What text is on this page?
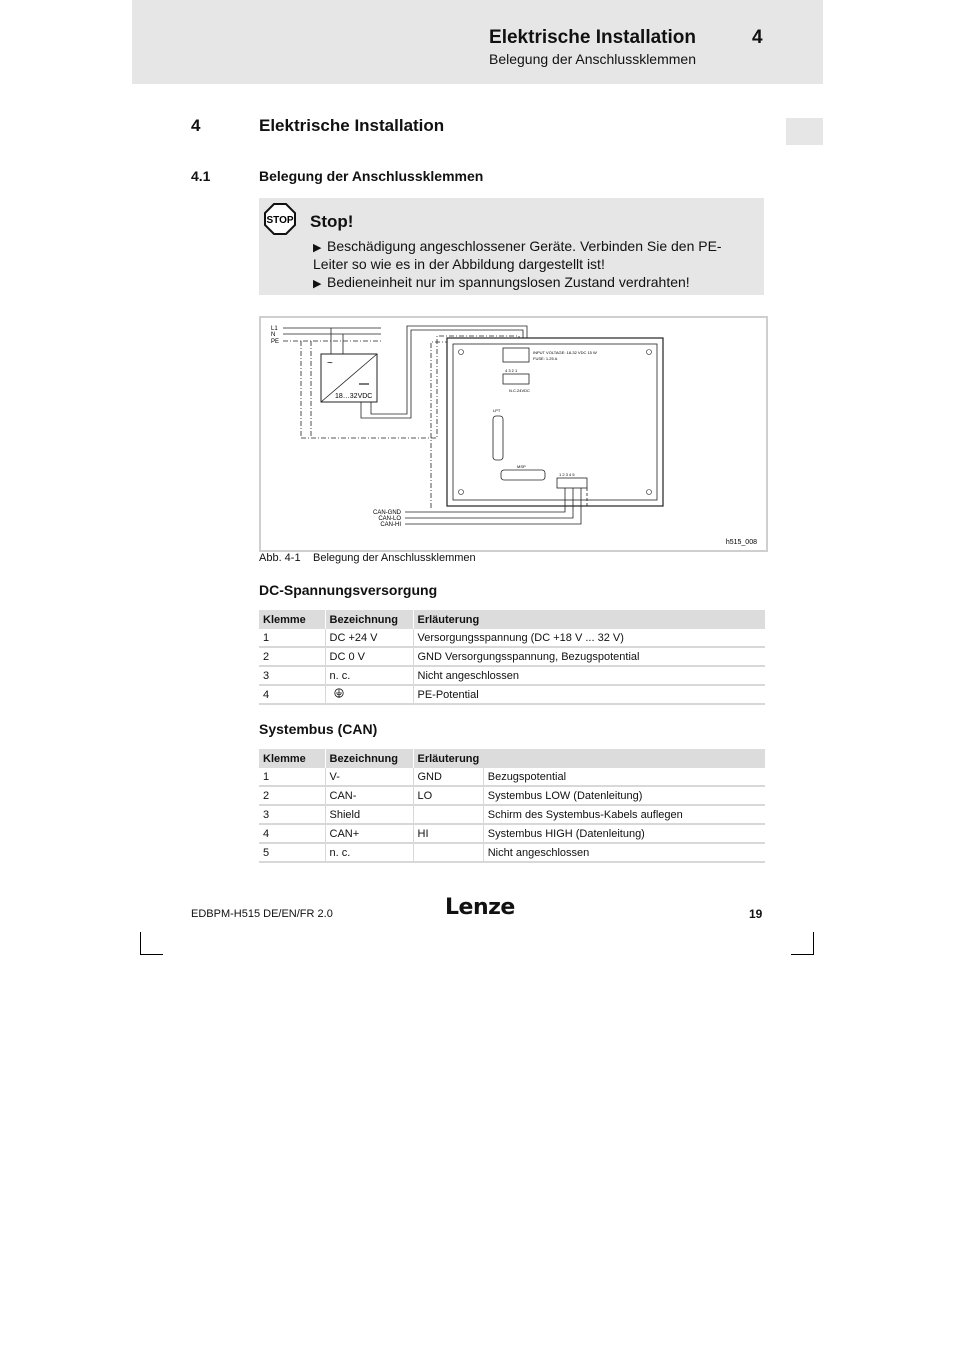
Elektrische Installation	4
Belegung der Anschlussklemmen
4	Elektrische Installation
4.1	Belegung der Anschlussklemmen
STOP Stop!
▶ Beschädigung angeschlossener Geräte. Verbinden Sie den PE-Leiter so wie es in der Abbildung dargestellt ist!
▶ Bedieneinheit nur im spannungslosen Zustand verdrahten!
L1
N
PE
~
18…32VDC
INPUT VOLTAGE: 18-32 VDC 15 W
FUSE: 1.25 A
4 3 2 1
N.C.24VDC
LPT
MSP
1 2 3 4 5
CAN-GND
CAN-LO
CAN-HI
h515_008
Abb. 4-1 Belegung der Anschlussklemmen
DC-Spannungsversorgung
Klemme	Bezeichnung	Erläuterung
1	DC +24 V	Versorgungsspannung (DC +18 V ... 32 V)
2	DC 0 V	GND Versorgungsspannung, Bezugspotential
3	n. c.	Nicht angeschlossen
4		PE-Potential
Systembus (CAN)
Klemme	Bezeichnung	Erläuterung	
1	V-	GND	Bezugspotential
2	CAN-	LO	Systembus LOW (Datenleitung)
3	Shield		Schirm des Systembus-Kabels auflegen
4	CAN+	HI	Systembus HIGH (Datenleitung)
5	n. c.		Nicht angeschlossen
EDBPM-H515 DE/EN/FR 2.0	Lenze	19
